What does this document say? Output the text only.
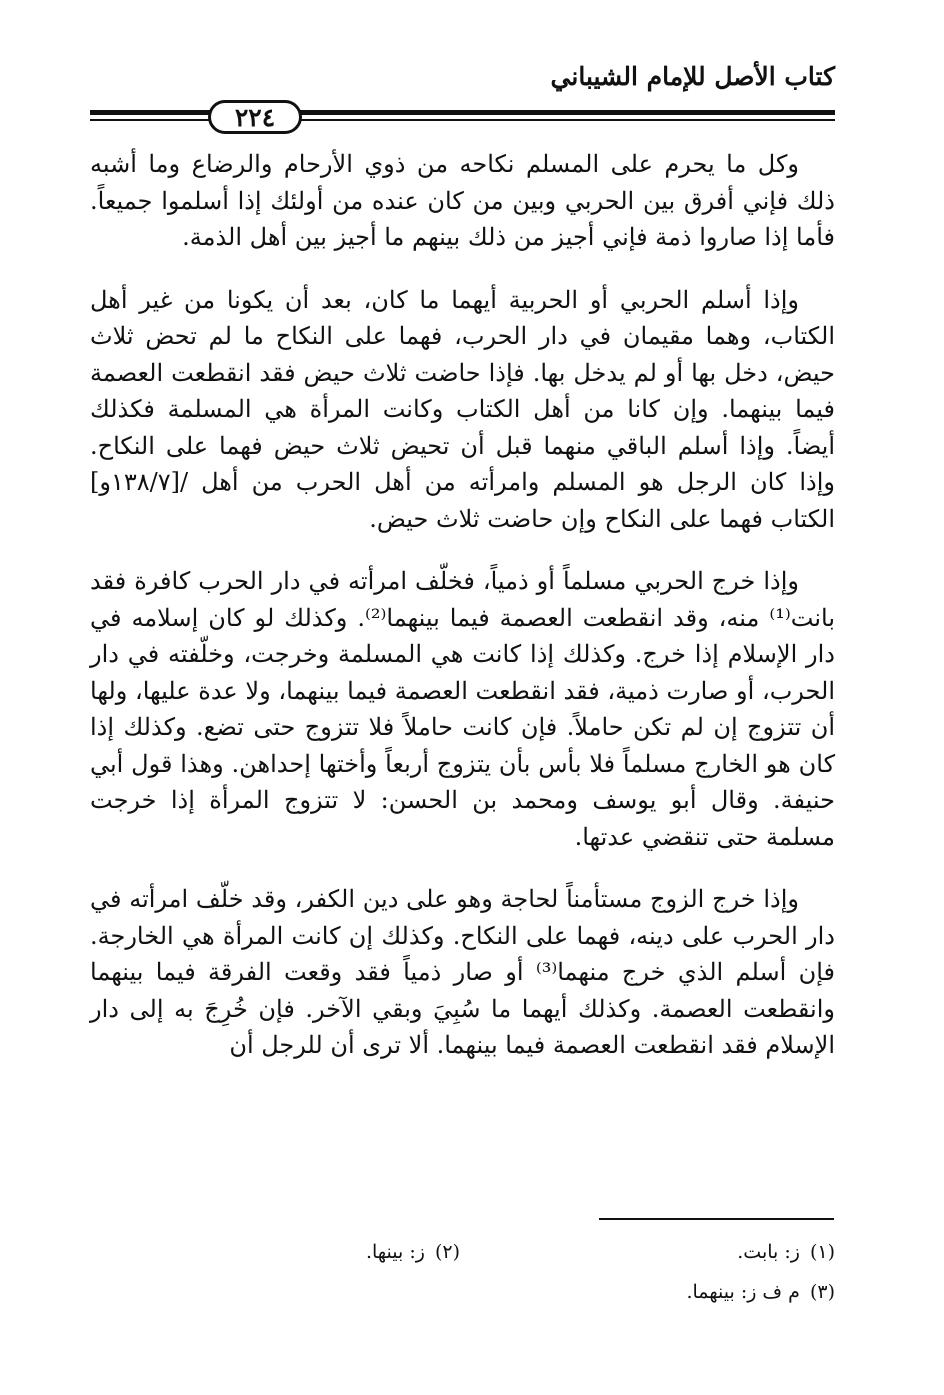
كتاب الأصل للإمام الشيباني
٢٢٤

وكل ما يحرم على المسلم نكاحه من ذوي الأرحام والرضاع وما أشبه ذلك فإني أفرق بين الحربي وبين من كان عنده من أولئك إذا أسلموا جميعاً. فأما إذا صاروا ذمة فإني أجيز من ذلك بينهم ما أجيز بين أهل الذمة.

وإذا أسلم الحربي أو الحربية أيهما ما كان، بعد أن يكونا من غير أهل الكتاب، وهما مقيمان في دار الحرب، فهما على النكاح ما لم تحض ثلاث حيض، دخل بها أو لم يدخل بها. فإذا حاضت ثلاث حيض فقد انقطعت العصمة فيما بينهما. وإن كانا من أهل الكتاب وكانت المرأة هي المسلمة فكذلك أيضاً. وإذا أسلم الباقي منهما قبل أن تحيض ثلاث حيض فهما على النكاح. وإذا كان الرجل هو المسلم وامرأته من أهل الحرب من أهل /[١٣٨/٧و] الكتاب فهما على النكاح وإن حاضت ثلاث حيض.

وإذا خرج الحربي مسلماً أو ذمياً، فخلّف امرأته في دار الحرب كافرة فقد بانت⁽¹⁾ منه، وقد انقطعت العصمة فيما بينهما⁽²⁾. وكذلك لو كان إسلامه في دار الإسلام إذا خرج. وكذلك إذا كانت هي المسلمة وخرجت، وخلّفته في دار الحرب، أو صارت ذمية، فقد انقطعت العصمة فيما بينهما، ولا عدة عليها، ولها أن تتزوج إن لم تكن حاملاً. فإن كانت حاملاً فلا تتزوج حتى تضع. وكذلك إذا كان هو الخارج مسلماً فلا بأس بأن يتزوج أربعاً وأختها إحداهن. وهذا قول أبي حنيفة. وقال أبو يوسف ومحمد بن الحسن: لا تتزوج المرأة إذا خرجت مسلمة حتى تنقضي عدتها.

وإذا خرج الزوج مستأمناً لحاجة وهو على دين الكفر، وقد خلّف امرأته في دار الحرب على دينه، فهما على النكاح. وكذلك إن كانت المرأة هي الخارجة. فإن أسلم الذي خرج منهما⁽³⁾ أو صار ذمياً فقد وقعت الفرقة فيما بينهما وانقطعت العصمة. وكذلك أيهما ما سُبِيَ وبقي الآخر. فإن خُرِجَ به إلى دار الإسلام فقد انقطعت العصمة فيما بينهما. ألا ترى أن للرجل أن

(١)ز: بابت.
(٢)ز: بينها.
(٣)م ف ز: بينهما.
